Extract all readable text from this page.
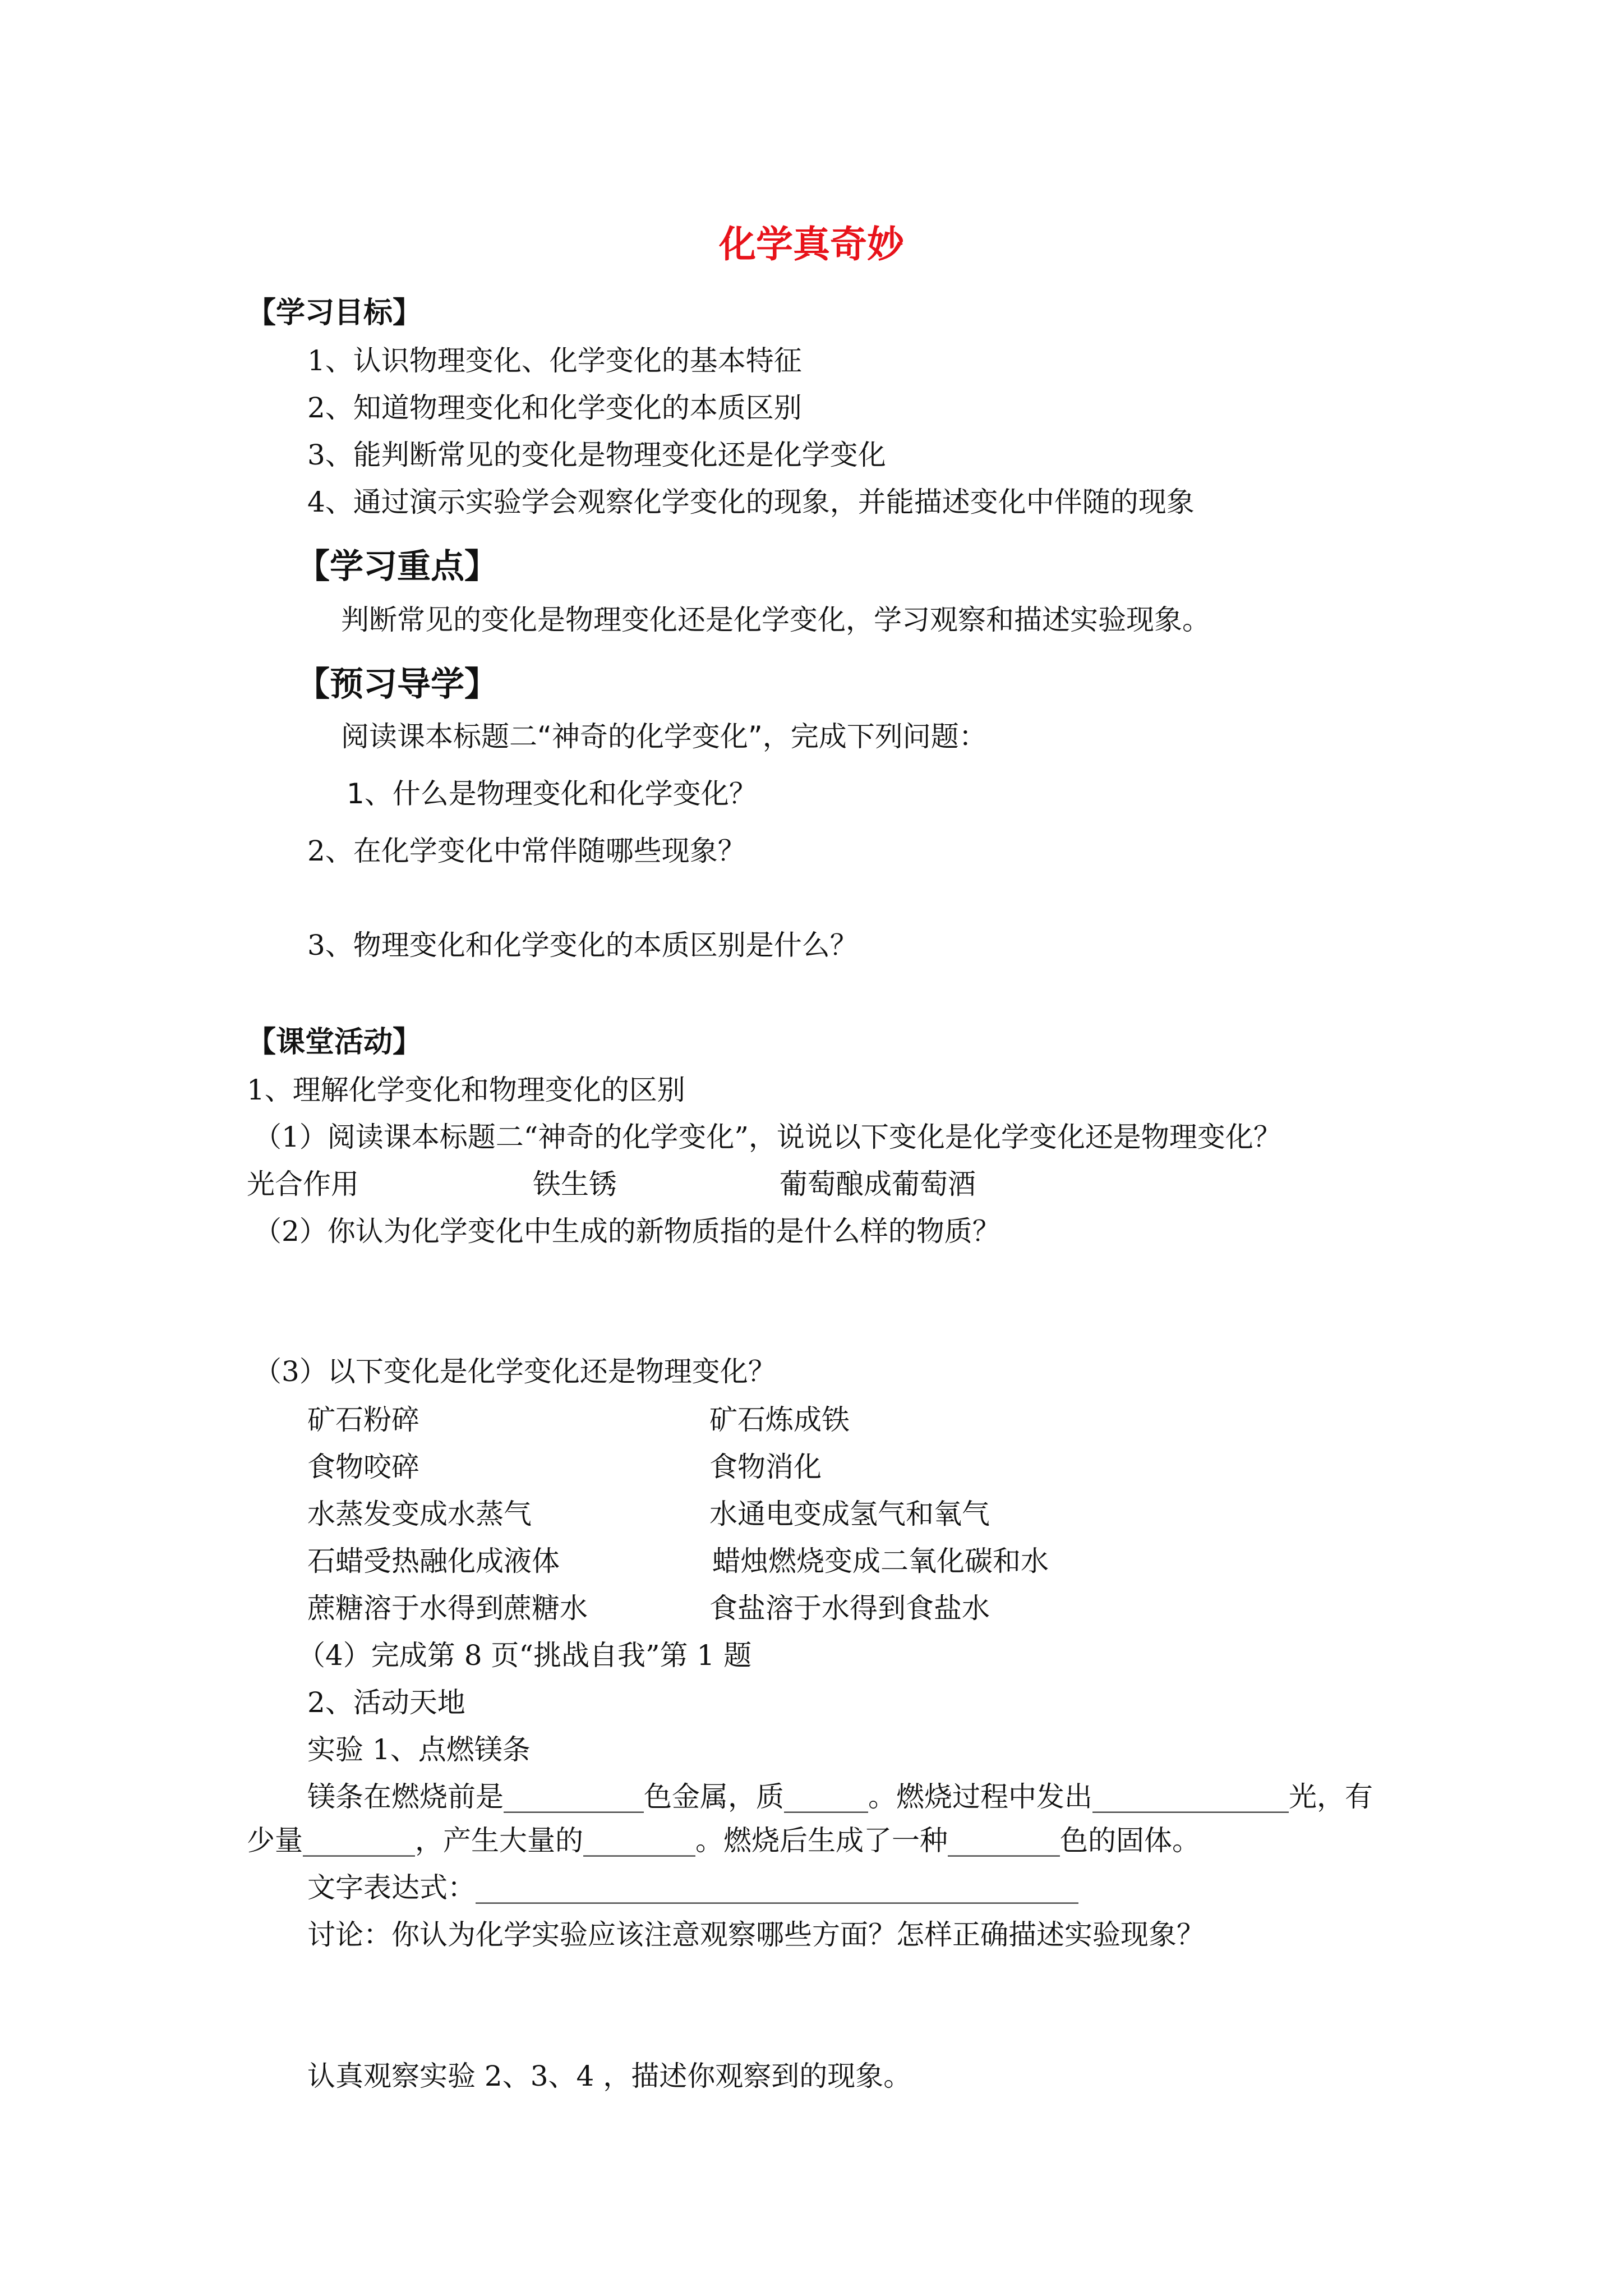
化学真奇妙
【学习目标】
1、认识物理变化、化学变化的基本特征
2、知道物理变化和化学变化的本质区别
3、能判断常见的变化是物理变化还是化学变化
4、通过演示实验学会观察化学变化的现象，并能描述变化中伴随的现象
【学习重点】
判断常见的变化是物理变化还是化学变化，学习观察和描述实验现象。
【预习导学】
阅读课本标题二“神奇的化学变化”，完成下列问题：
1、什么是物理变化和化学变化？
2、在化学变化中常伴随哪些现象？
3、物理变化和化学变化的本质区别是什么？
【课堂活动】
1、理解化学变化和物理变化的区别
（1）阅读课本标题二“神奇的化学变化”，说说以下变化是化学变化还是物理变化？
光合作用	铁生锈	葡萄酿成葡萄酒
（2）你认为化学变化中生成的新物质指的是什么样的物质？
（3）以下变化是化学变化还是物理变化？
矿石粉碎	矿石炼成铁
食物咬碎	食物消化
水蒸发变成水蒸气	水通电变成氢气和氧气
石蜡受热融化成液体	蜡烛燃烧变成二氧化碳和水
蔗糖溶于水得到蔗糖水	食盐溶于水得到食盐水
（4）完成第 8 页“挑战自我”第 1 题
2、活动天地
实验 1、点燃镁条
镁条在燃烧前是__________色金属，质______。燃烧过程中发出______________光，有
少量________，产生大量的________。燃烧后生成了一种________色的固体。
文字表达式：___________________________________________
讨论：你认为化学实验应该注意观察哪些方面？怎样正确描述实验现象？
认真观察实验 2、3、4 ，描述你观察到的现象。
